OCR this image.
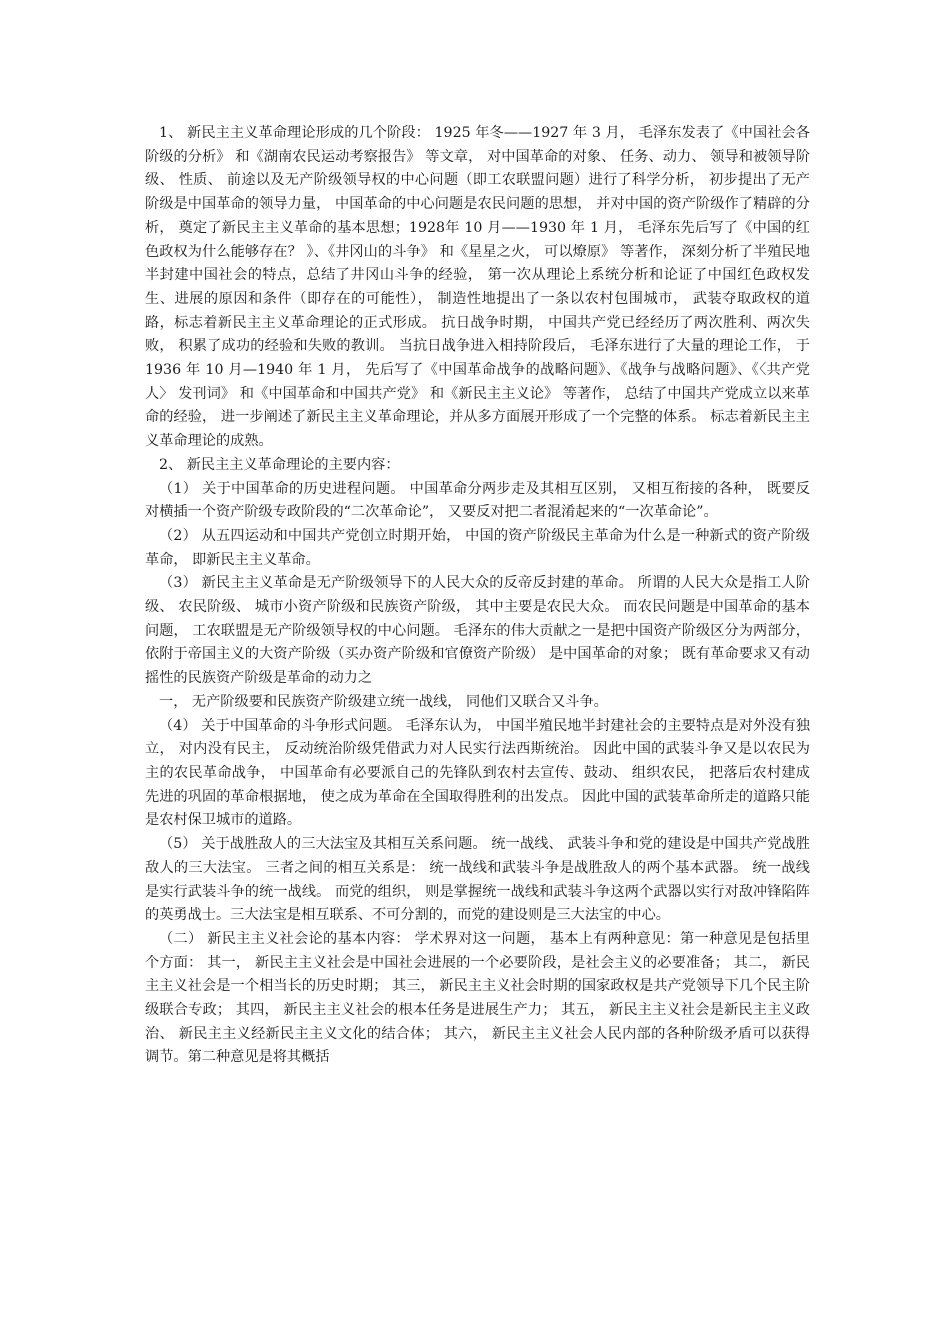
1、 新民主主义革命理论形成的几个阶段： 1925 年冬——1927 年 3 月， 毛泽东发表了《中国社会各阶级的分析》 和《湖南农民运动考察报告》 等文章， 对中国革命的对象、 任务、动力、 领导和被领导阶级、 性质、 前途以及无产阶级领导权的中心问题（即工农联盟问题）进行了科学分析， 初步提出了无产阶级是中国革命的领导力量， 中国革命的中心问题是农民问题的思想， 并对中国的资产阶级作了精辟的分析， 奠定了新民主主义革命的基本思想；1928年 10 月——1930 年 1 月， 毛泽东先后写了《中国的红色政权为什么能够存在？ 》、《井冈山的斗争》 和《星星之火， 可以燎原》 等著作， 深刻分析了半殖民地半封建中国社会的特点，总结了井冈山斗争的经验， 第一次从理论上系统分析和论证了中国红色政权发生、进展的原因和条件（即存在的可能性）， 制造性地提出了一条以农村包围城市， 武装夺取政权的道路，标志着新民主主义革命理论的正式形成。 抗日战争时期， 中国共产党已经经历了两次胜利、两次失败， 积累了成功的经验和失败的教训。 当抗日战争进入相持阶段后， 毛泽东进行了大量的理论工作， 于 1936 年 10 月—1940 年 1 月， 先后写了《中国革命战争的战略问题》、《战争与战略问题》、《〈共产党人〉 发刊词》 和《中国革命和中国共产党》 和《新民主主义论》 等著作， 总结了中国共产党成立以来革命的经验， 进一步阐述了新民主主义革命理论，并从多方面展开形成了一个完整的体系。 标志着新民主主义革命理论的成熟。

2、 新民主主义革命理论的主要内容：

（1） 关于中国革命的历史进程问题。 中国革命分两步走及其相互区别， 又相互衔接的各种， 既要反对横插一个资产阶级专政阶段的“二次革命论”， 又要反对把二者混淆起来的“一次革命论”。

（2） 从五四运动和中国共产党创立时期开始， 中国的资产阶级民主革命为什么是一种新式的资产阶级革命， 即新民主主义革命。

（3） 新民主主义革命是无产阶级领导下的人民大众的反帝反封建的革命。 所谓的人民大众是指工人阶级、 农民阶级、 城市小资产阶级和民族资产阶级， 其中主要是农民大众。 而农民问题是中国革命的基本问题， 工农联盟是无产阶级领导权的中心问题。 毛泽东的伟大贡献之一是把中国资产阶级区分为两部分， 依附于帝国主义的大资产阶级（买办资产阶级和官僚资产阶级） 是中国革命的对象； 既有革命要求又有动摇性的民族资产阶级是革命的动力之

一， 无产阶级要和民族资产阶级建立统一战线， 同他们又联合又斗争。

（4） 关于中国革命的斗争形式问题。 毛泽东认为， 中国半殖民地半封建社会的主要特点是对外没有独立， 对内没有民主， 反动统治阶级凭借武力对人民实行法西斯统治。 因此中国的武装斗争又是以农民为主的农民革命战争， 中国革命有必要派自己的先锋队到农村去宣传、鼓动、 组织农民， 把落后农村建成先进的巩固的革命根据地， 使之成为革命在全国取得胜利的出发点。 因此中国的武装革命所走的道路只能是农村保卫城市的道路。

（5） 关于战胜敌人的三大法宝及其相互关系问题。 统一战线、 武装斗争和党的建设是中国共产党战胜敌人的三大法宝。 三者之间的相互关系是： 统一战线和武装斗争是战胜敌人的两个基本武器。 统一战线是实行武装斗争的统一战线。 而党的组织， 则是掌握统一战线和武装斗争这两个武器以实行对敌冲锋陷阵的英勇战士。三大法宝是相互联系、不可分割的，而党的建设则是三大法宝的中心。

（二） 新民主主义社会论的基本内容： 学术界对这一问题， 基本上有两种意见：第一种意见是包括里个方面： 其一， 新民主主义社会是中国社会进展的一个必要阶段，是社会主义的必要准备； 其二， 新民主主义社会是一个相当长的历史时期； 其三， 新民主主义社会时期的国家政权是共产党领导下几个民主阶级联合专政； 其四， 新民主主义社会的根本任务是进展生产力； 其五， 新民主主义社会是新民主主义政治、 新民主主义经新民主主义文化的结合体； 其六， 新民主主义社会人民内部的各种阶级矛盾可以获得调节。第二种意见是将其概括
